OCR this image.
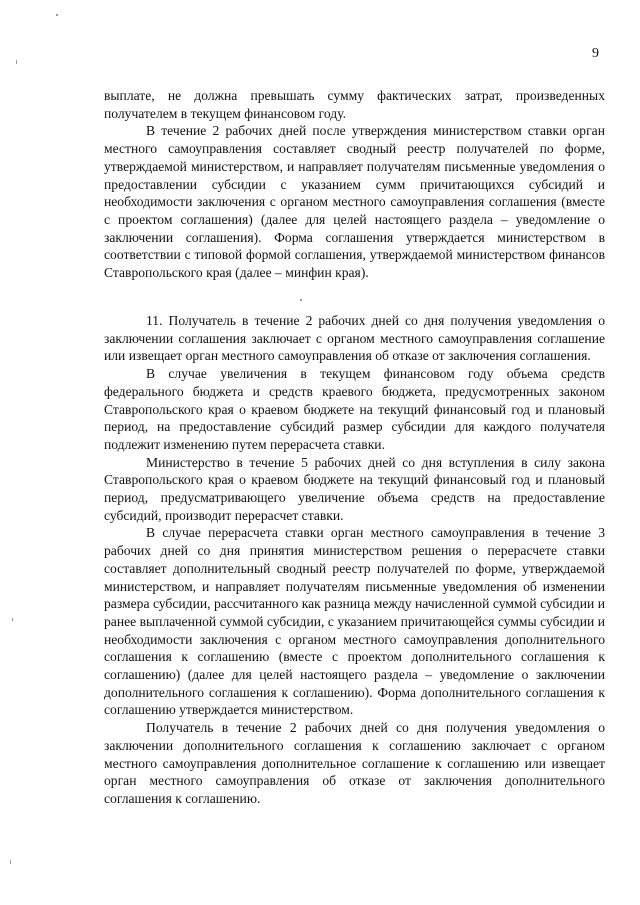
9

выплате, не должна превышать сумму фактических затрат, произведенных получателем в текущем финансовом году.

В течение 2 рабочих дней после утверждения министерством ставки орган местного самоуправления составляет сводный реестр получателей по форме, утверждаемой министерством, и направляет получателям письменные уведомления о предоставлении субсидии с указанием сумм причитающихся субсидий и необходимости заключения с органом местного самоуправления соглашения (вместе с проектом соглашения) (далее для целей настоящего раздела – уведомление о заключении соглашения). Форма соглашения утверждается министерством в соответствии с типовой формой соглашения, утверждаемой министерством финансов Ставропольского края (далее – минфин края).

11. Получатель в течение 2 рабочих дней со дня получения уведомления о заключении соглашения заключает с органом местного самоуправления соглашение или извещает орган местного самоуправления об отказе от заключения соглашения.

В случае увеличения в текущем финансовом году объема средств федерального бюджета и средств краевого бюджета, предусмотренных законом Ставропольского края о краевом бюджете на текущий финансовый год и плановый период, на предоставление субсидий размер субсидии для каждого получателя подлежит изменению путем перерасчета ставки.

Министерство в течение 5 рабочих дней со дня вступления в силу закона Ставропольского края о краевом бюджете на текущий финансовый год и плановый период, предусматривающего увеличение объема средств на предоставление субсидий, производит перерасчет ставки.

В случае перерасчета ставки орган местного самоуправления в течение 3 рабочих дней со дня принятия министерством решения о перерасчете ставки составляет дополнительный сводный реестр получателей по форме, утверждаемой министерством, и направляет получателям письменные уведомления об изменении размера субсидии, рассчитанного как разница между начисленной суммой субсидии и ранее выплаченной суммой субсидии, с указанием причитающейся суммы субсидии и необходимости заключения с органом местного самоуправления дополнительного соглашения к соглашению (вместе с проектом дополнительного соглашения к соглашению) (далее для целей настоящего раздела – уведомление о заключении дополнительного соглашения к соглашению). Форма дополнительного соглашения к соглашению утверждается министерством.

Получатель в течение 2 рабочих дней со дня получения уведомления о заключении дополнительного соглашения к соглашению заключает с органом местного самоуправления дополнительное соглашение к соглашению или извещает орган местного самоуправления об отказе от заключения дополнительного соглашения к соглашению.
